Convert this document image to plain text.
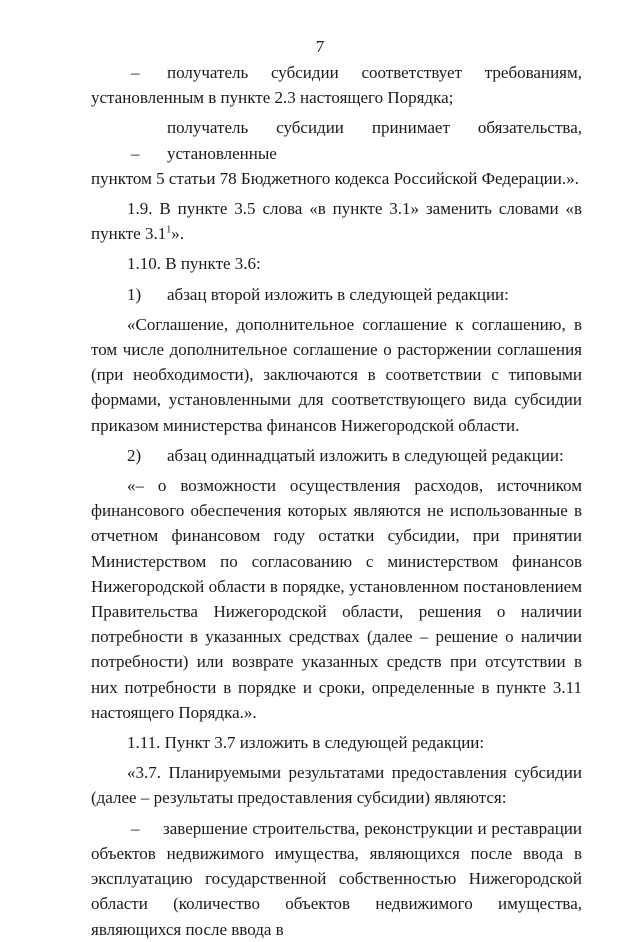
7

– получатель субсидии соответствует требованиям,

установленным в пункте 2.3 настоящего Порядка;

–получатель субсидии принимает обязательства, установленные

пунктом 5 статьи 78 Бюджетного кодекса Российской Федерации.».

1.9. В пункте 3.5 слова «в пункте 3.1» заменить словами «в пункте $3.1^1$».

1.10. В пункте 3.6:

1) абзац второй изложить в следующей редакции:

«Соглашение, дополнительное соглашение к соглашению, в том числе дополнительное соглашение о расторжении соглашения (при необходимости), заключаются в соответствии с типовыми формами, установленными для соответствующего вида субсидии приказом министерства финансов Нижегородской области.

2) абзац одиннадцатый изложить в следующей редакции:

«– о возможности осуществления расходов, источником финансового обеспечения которых являются не использованные в отчетном финансовом году остатки субсидии, при принятии Министерством по согласованию с министерством финансов Нижегородской области в порядке, установленном постановлением Правительства Нижегородской области, решения о наличии потребности в указанных средствах (далее – решение о наличии потребности) или возврате указанных средств при отсутствии в них потребности в порядке и сроки, определенные в пункте 3.11 настоящего Порядка.».

1.11. Пункт 3.7 изложить в следующей редакции:

«3.7. Планируемыми результатами предоставления субсидии (далее – результаты предоставления субсидии) являются:

– завершение строительства, реконструкции и реставрации объектов недвижимого имущества, являющихся после ввода в эксплуатацию государственной собственностью Нижегородской области (количество объектов недвижимого имущества, являющихся после ввода в
